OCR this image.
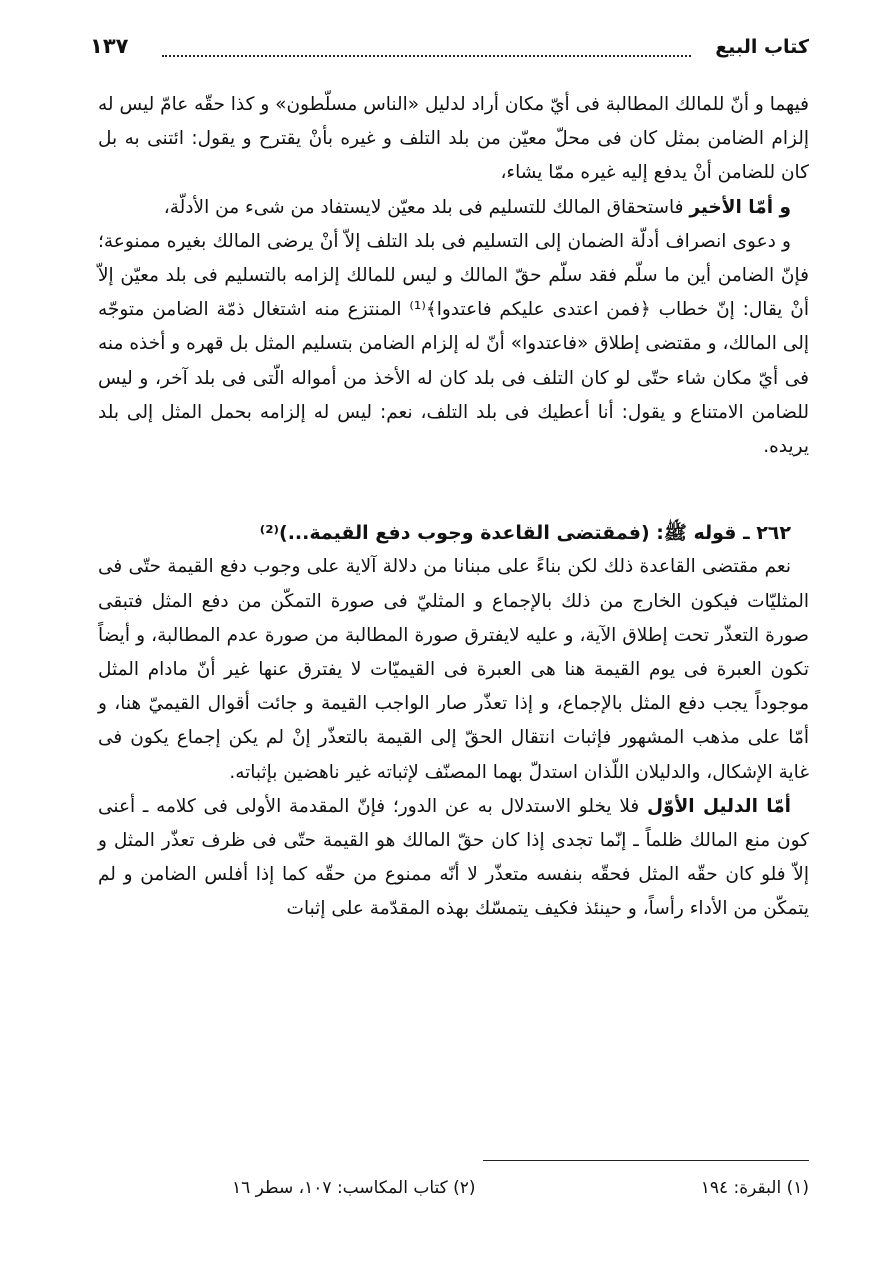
كتاب البيع
١٣٧

فيهما و أنّ للمالك المطالبة فى أيّ مكان أراد لدليل «الناس مسلّطون» و كذا حقّه عامّ ليس له إلزام الضامن بمثل كان فى محلّ معيّن من بلد التلف و غيره بأنْ يقترح و يقول: ائتنى به بل كان للضامن أنْ يدفع إليه غيره ممّا يشاء،

و أمّا الأخير فاستحقاق المالك للتسليم فى بلد معيّن لايستفاد من شىء من الأدلّة،

و دعوى انصراف أدلّة الضمان إلى التسليم فى بلد التلف إلاّ أنْ يرضى المالك بغيره ممنوعة؛ فإنّ الضامن أين ما سلّم فقد سلّم حقّ المالك و ليس للمالك إلزامه بالتسليم فى بلد معيّن إلاّ أنْ يقال: إنّ خطاب ﴿فمن اعتدى عليكم فاعتدوا﴾⁽¹⁾ المنتزع منه اشتغال ذمّة الضامن متوجّه إلى المالك، و مقتضى إطلاق «فاعتدوا» أنّ له إلزام الضامن بتسليم المثل بل قهره و أخذه منه فى أيّ مكان شاء حتّى لو كان التلف فى بلد كان له الأخذ من أمواله الّتى فى بلد آخر، و ليس للضامن الامتناع و يقول: أنا أعطيك فى بلد التلف، نعم: ليس له إلزامه بحمل المثل إلى بلد يريده.

٢٦٢ ـ قوله ﷺ: (فمقتضى القاعدة وجوب دفع القيمة...)⁽²⁾

نعم مقتضى القاعدة ذلك لكن بناءً على مبنانا من دلالة آلاية على وجوب دفع القيمة حتّى فى المثليّات فيكون الخارج من ذلك بالإجماع و المثليّ فى صورة التمكّن من دفع المثل فتبقى صورة التعذّر تحت إطلاق الآية، و عليه لايفترق صورة المطالبة من صورة عدم المطالبة، و أيضاً تكون العبرة فى يوم القيمة هنا هى العبرة فى القيميّات لا يفترق عنها غير أنّ مادام المثل موجوداً يجب دفع المثل بالإجماع، و إذا تعذّر صار الواجب القيمة و جائت أقوال القيميّ هنا، و أمّا على مذهب المشهور فإثبات انتقال الحقّ إلى القيمة بالتعذّر إنْ لم يكن إجماع يكون فى غاية الإشكال، والدليلان اللّذان استدلّ بهما المصنّف لإثباته غير ناهضين بإثباته.

أمّا الدليل الأوّل فلا يخلو الاستدلال به عن الدور؛ فإنّ المقدمة الأولى فى كلامه ـ أعنى كون منع المالك ظلماً ـ إنّما تجدى إذا كان حقّ المالك هو القيمة حتّى فى ظرف تعذّر المثل و إلاّ فلو كان حقّه المثل فحقّه بنفسه متعذّر لا أنّه ممنوع من حقّه كما إذا أفلس الضامن و لم يتمكّن من الأداء رأساً، و حينئذ فكيف يتمسّك بهذه المقدّمة على إثبات

(١) البقرة: ١٩٤
(٢) كتاب المكاسب: ١٠٧، سطر ١٦
